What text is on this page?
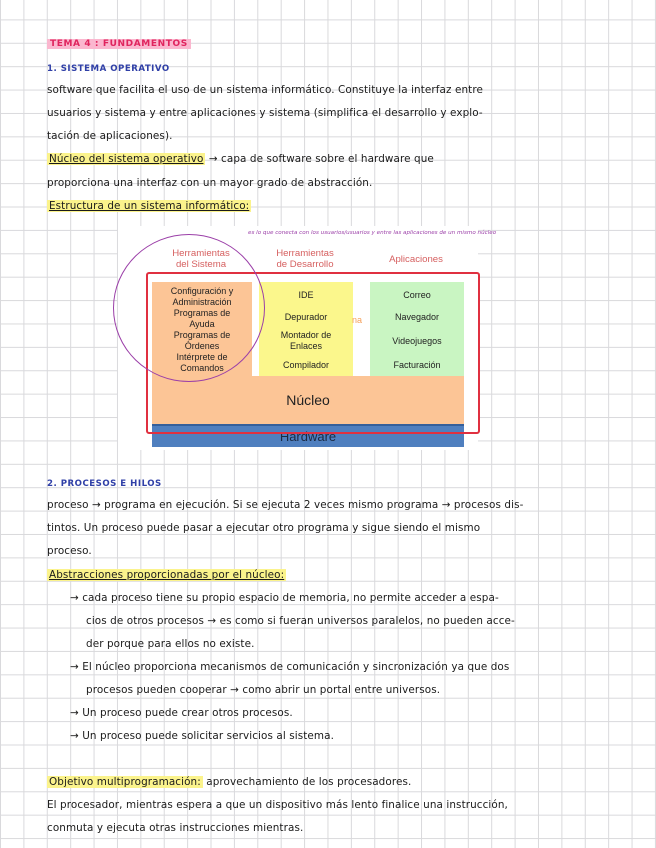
TEMA 4 : FUNDAMENTOS
1. SISTEMA OPERATIVO
software que facilita el uso de un sistema informático. Constituye la interfaz entre
usuarios y sistema y entre aplicaciones y sistema (simplifica el desarrollo y explo-
tación de aplicaciones).
Núcleo del sistema operativo → capa de software sobre el hardware que
proporciona una interfaz con un mayor grado de abstracción.
Estructura de un sistema informático:
es lo que conecta con los usuarios/usuarios y entre las aplicaciones de un mismo núcleo
Herramientas
del Sistema
Herramientas
de Desarrollo	Aplicaciones
Configuración y
Administración
Programas de
Ayuda
Programas de
Órdenes
Intérprete de
Comandos
IDE
Depurador
Montador de
Enlaces
Compilador
na
Correo
Navegador
Videojuegos
Facturación
Núcleo
Hardware
2. PROCESOS E HILOS
proceso → programa en ejecución. Si se ejecuta 2 veces mismo programa → procesos dis-
tintos. Un proceso puede pasar a ejecutar otro programa y sigue siendo el mismo
proceso.
Abstracciones proporcionadas por el núcleo:
→ cada proceso tiene su propio espacio de memoria, no permite acceder a espa-
cios de otros procesos → es como si fueran universos paralelos, no pueden acce-
der porque para ellos no existe.
→ El núcleo proporciona mecanismos de comunicación y sincronización ya que dos
procesos pueden cooperar → como abrir un portal entre universos.
→ Un proceso puede crear otros procesos.
→ Un proceso puede solicitar servicios al sistema.
Objetivo multiprogramación: aprovechamiento de los procesadores.
El procesador, mientras espera a que un dispositivo más lento finalice una instrucción,
conmuta y ejecuta otras instrucciones mientras.
